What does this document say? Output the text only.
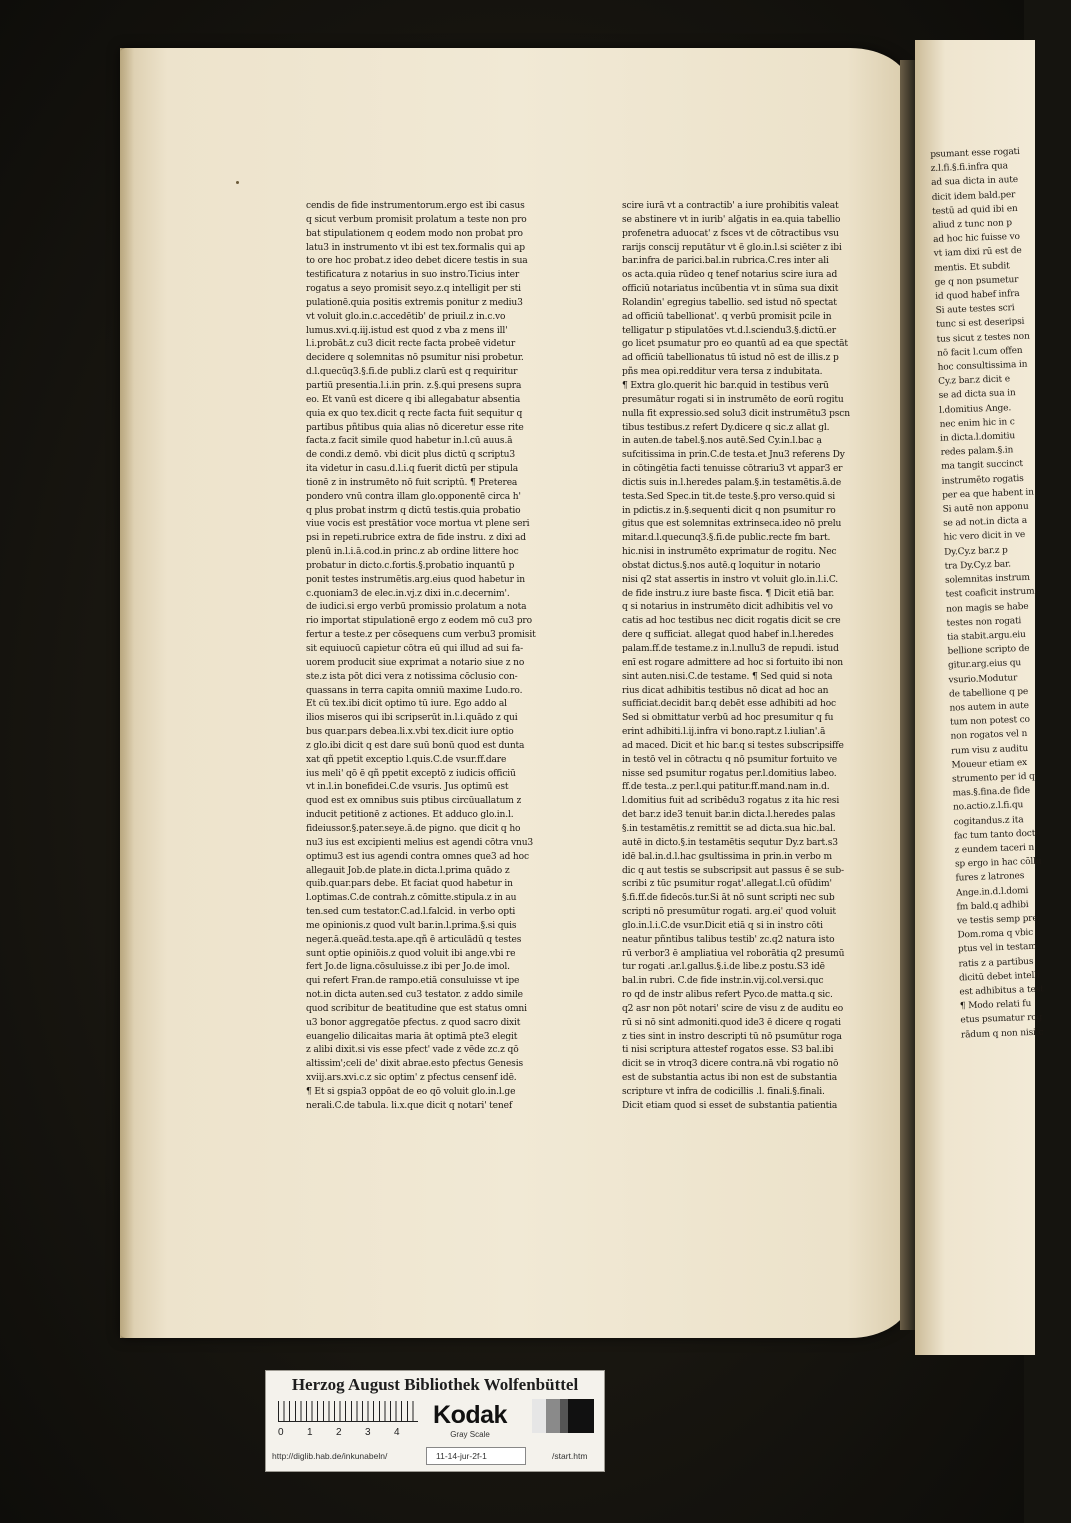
cendis de fide instrumentorum.ergo est ibi casus
q sicut verbum promisit prolatum a teste non pro
bat stipulationem q eodem modo non probat pro
latu3 in instrumento vt ibi est tex.formalis qui ap
to ore hoc probat.z ideo debet dicere testis in sua
testificatura z notarius in suo instro.Ticius inter
rogatus a seyo promisit seyo.z.q intelligit per sti
pulationē.quia positis extremis ponitur z mediu3
vt voluit glo.in.c.accedētib' de priuil.z in.c.vo
lumus.xvi.q.iij.istud est quod z vba z mens ill'
l.i.probāt.z cu3 dicit recte facta probeē videtur
decidere q solemnitas nō psumitur nisi probetur.
d.l.quecūq3.§.fi.de publi.z clarū est q requiritur
partiū presentia.l.i.in prin. z.§.qui presens supra
eo. Et vanū est dicere q ibi allegabatur absentia
quia ex quo tex.dicit q recte facta fuit sequitur q
partibus pñtibus quia alias nō diceretur esse rite
facta.z facit simile quod habetur in.l.cū auus.ā
de condi.z demō. vbi dicit plus dictū q scriptu3
ita videtur in casu.d.l.i.q fuerit dictū per stipula
tionē z in instrumēto nō fuit scriptū. ¶ Preterea
pondero vnū contra illam glo.opponentē circa h'
q plus probat instrm q dictū testis.quia probatio
viue vocis est prestātior voce mortua vt plene seri
psi in repeti.rubrice extra de fide instru. z dixi ad
plenū in.l.i.ā.cod.in princ.z ab ordine littere hoc
probatur in dicto.c.fortis.§.probatio inquantū p
ponit testes instrumētis.arg.eius quod habetur in
c.quoniam3 de elec.in.vj.z dixi in.c.decernim'.
de iudici.si ergo verbū promissio prolatum a nota
rio importat stipulationē ergo z eodem mō cu3 pro
fertur a teste.z per cōsequens cum verbu3 promisit
sit equiuocū capietur cōtra eū qui illud ad sui fa-
uorem producit siue exprimat a notario siue z no
ste.z ista pōt dici vera z notissima cōclusio con-
quassans in terra capita omniū maxime Ludo.ro.
Et cū tex.ibi dicit optimo tū iure. Ego addo al
ilios miseros qui ibi scripserūt in.l.i.quādo z qui
bus quar.pars debea.li.x.vbi tex.dicit iure optio
z glo.ibi dicit q est dare suū bonū quod est dunta
xat qñ ppetit exceptio l.quis.C.de vsur.ff.dare
ius meli' qō ē qñ ppetit exceptō z iudicis officiū
vt in.l.in bonefidei.C.de vsuris. Jus optimū est
quod est ex omnibus suis ptibus circūuallatum z
inducit petitionē z actiones. Et adduco glo.in.l.
fideiussor.§.pater.seye.ā.de pigno. que dicit q ho
nu3 ius est excipienti melius est agendi cōtra vnu3
optimu3 est ius agendi contra omnes que3 ad hoc
allegauit Job.de plate.in dicta.l.prima quādo z
quib.quar.pars debe. Et faciat quod habetur in
l.optimas.C.de contrah.z cōmitte.stipula.z in au
ten.sed cum testator.C.ad.l.falcid. in verbo opti
me opinionis.z quod vult bar.in.l.prima.§.si quis
neger.ā.queād.testa.ape.qñ ē articulādū q testes
sunt optie opiniōis.z quod voluit ibi ange.vbi re
fert Jo.de ligna.cōsuluisse.z ibi per Jo.de imol.
qui refert Fran.de rampo.etiā consuluisse vt ipe
not.in dicta auten.sed cu3 testator. z addo simile
quod scribitur de beatitudine que est status omni
u3 bonor aggregatōe pfectus. z quod sacro dixit
euangelio dilicaitas maria āt optimā pte3 elegit
z alibi dixit.si vis esse pfect' vade z vēde zc.z qō
altissim';celi de' dixit abrae.esto pfectus Genesis
xviij.ars.xvi.c.z sic optim' z pfectus censenf idē.
¶ Et si gspia3 oppōat de eo qō voluit glo.in.l.ge
nerali.C.de tabula. li.x.que dicit q notari' tenef
scire iurā vt a contractib' a iure prohibitis valeat
se abstinere vt in iurib' alḡatis in ea.quia tabellio
profenetra aduocat' z fsces vt de cōtractibus vsu
rarijs conscij reputātur vt ē glo.in.l.si sciēter z ibi
bar.infra de parici.bal.in rubrica.C.res inter ali
os acta.quia rūdeo q tenef notarius scire iura ad
officiū notariatus incūbentia vt in sūma sua dixit
Rolandin' egregius tabellio. sed istud nō spectat
ad officiū tabellionat'. q verbū promisit pcile in
telligatur p stipulatōes vt.d.l.sciendu3.§.dictū.er
go licet psumatur pro eo quantū ad ea que spectāt
ad officiū tabellionatus tū istud nō est de illis.z p
pñs mea opi.redditur vera tersa z indubitata.
¶ Extra glo.querit hic bar.quid in testibus verū
presumātur rogati si in instrumēto de eorū rogitu
nulla fit expressio.sed solu3 dicit instrumētu3 pscn
tibus testibus.z refert Dy.dicere q sic.z allat gl.
in auten.de tabel.§.nos autē.Sed Cy.in.l.bac ạ
sufcitissima in prin.C.de testa.et Jnu3 referens Dy
in cōtingētia facti tenuisse cōtrariu3 vt appar3 er
dictis suis in.l.heredes palam.§.in testamētis.ā.de
testa.Sed Spec.in tit.de teste.§.pro verso.quid si
in pdictis.z in.§.sequenti dicit q non psumitur ro
gitus que est solemnitas extrinseca.ideo nō prelu
mitar.d.l.quecunq3.§.fi.de public.recte fm bart.
hic.nisi in instrumēto exprimatur de rogitu. Nec
obstat dictus.§.nos autē.q loquitur in notario
nisi q2 stat assertis in instro vt voluit glo.in.l.i.C.
de fide instru.z iure baste fisca. ¶ Dicit etiā bar.
q si notarius in instrumēto dicit adhibitis vel vo
catis ad hoc testibus nec dicit rogatis dicit se cre
dere q sufficiat. allegat quod habef in.l.heredes
palam.ff.de testame.z in.l.nullu3 de repudi. istud
enī est rogare admittere ad hoc si fortuito ibi non
sint auten.nisi.C.de testame. ¶ Sed quid si nota
rius dicat adhibitis testibus nō dicat ad hoc an
sufficiat.decidit bar.q debēt esse adhibiti ad hoc
Sed si obmittatur verbū ad hoc presumitur q fu
erint adhibiti.l.ij.infra vi bono.rapt.z l.iulian'.ā
ad maced. Dicit et hic bar.q si testes subscripsiffe
in testō vel in cōtractu q nō psumitur fortuito ve
nisse sed psumitur rogatus per.l.domitius labeo.
ff.de testa..z per.l.qui patitur.ff.mand.nam in.d.
l.domitius fuit ad scribēdu3 rogatus z ita hic resi
det bar.z ide3 tenuit bar.in dicta.l.heredes palas
§.in testamētis.z remittit se ad dicta.sua hic.bal.
autē in dicto.§.in testamētis sequtur Dy.z bart.s3
idē bal.in.d.l.hac gsultissima in prin.in verbo m
dic q aut testis se subscripsit aut passus ē se sub-
scribi z tūc psumitur rogat'.allegat.l.cū ofūdim'
§.fi.ff.de fidecōs.tur.Si āt nō sunt scripti nec sub
scripti nō presumūtur rogati. arg.ei' quod voluit
glo.in.l.i.C.de vsur.Dicit etiā q si in instro cōti
neatur pñntibus talibus testib' zc.q2 natura isto
rū verbor3 ē ampliatiua vel roborātia q2 presumū
tur rogati .ar.l.gallus.§.i.de libe.z postu.S3 idē
bal.in rubri. C.de fide instr.in.vij.col.versi.quc
ro qd de instr alibus refert Pyco.de matta.q sic.
q2 asr non pōt notari' scire de visu z de auditu eo
rū si nō sint admoniti.quod ide3 ē dicere q rogati
z ties sint in instro descripti tū nō psumūtur roga
ti nisi scriptura attestef rogatos esse. S3 bal.ibi
dicit se in vtroq3 dicere contra.nā vbi rogatio nō
est de substantia actus ibi non est de substantia
scripture vt infra de codicillis .l. finali.§.finali.
Dicit etiam quod si esset de substantia patientia
psumant esse rogati
z.l.fi.§.fi.infra qua
ad sua dicta in aute
dicit idem bald.per
testū ad quid ibi en
aliud z tunc non p
ad hoc hic fuisse vo
vt iam dixi rū est de
mentis. Et subdit
ge q non psumetur
id quod habef infra
Si aute testes scri
tunc si est deseripsi
tus sicut z testes non
nō facit l.cum offen
hoc consultissima in
Cy.z bar.z dicit e
se ad dicta sua in
l.domitius Ange.
nec enim hic in c
in dicta.l.domitiu
redes palam.§.in
ma tangit succinct
instrumēto rogatis
per ea que habent in
Si autē non apponu
se ad not.in dicta a
hic vero dicit in ve
Dy.Cy.z bar.z p
tra Dy.Cy.z bar.
solemnitas instrum
test coaficit instrum
non magis se habe
testes non rogati
tia stabit.argu.eiu
bellione scripto de
gitur.arg.eius qu
vsurio.Modutur
de tabellione q pe
nos autem in aute
tum non potest co
non rogatos vel n
rum visu z auditu
Moueur etiam ex
strumento per id q
mas.§.fina.de fide
no.actio.z.l.fi.qu
cogitandus.z ita
fac tum tanto docte
z eundem taceri n
sp ergo in hac cōllu
fures z latrones
Ange.in.d.l.domi
fm bald.q adhibi
ve testis semp pre
Dom.roma q vbic
ptus vel in testam
ratis z a partibus
dicitū debet intelli
est adhibitus a test
¶ Modo relati fu
etus psumatur rog
rādum q non nisi c
Herzog August Bibliothek Wolfenbüttel
0 1 2 3 4
Kodak
Gray Scale
http://diglib.hab.de/inkunabeln/	11-14-jur-2f-1	/start.htm
